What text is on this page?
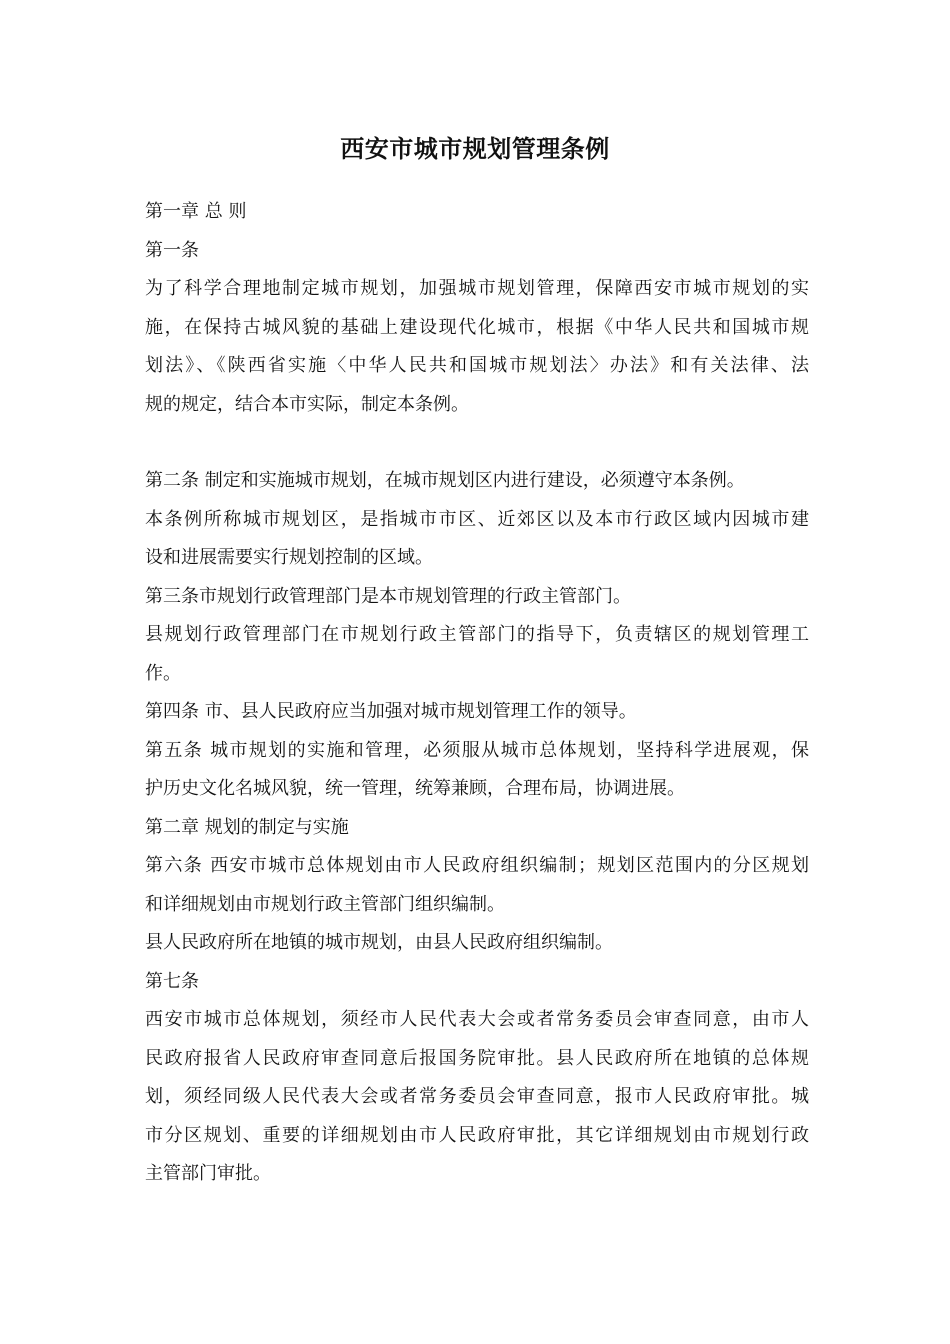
西安市城市规划管理条例
第一章 总 则
第一条
为了科学合理地制定城市规划，加强城市规划管理，保障西安市城市规划的实
施，在保持古城风貌的基础上建设现代化城市，根据《中华人民共和国城市规
划法》、《陕西省实施〈中华人民共和国城市规划法〉办法》和有关法律、法
规的规定，结合本市实际，制定本条例。
第二条 制定和实施城市规划，在城市规划区内进行建设，必须遵守本条例。
本条例所称城市规划区，是指城市市区、近郊区以及本市行政区域内因城市建
设和进展需要实行规划控制的区域。
第三条市规划行政管理部门是本市规划管理的行政主管部门。
县规划行政管理部门在市规划行政主管部门的指导下，负责辖区的规划管理工
作。
第四条 市、县人民政府应当加强对城市规划管理工作的领导。
第五条 城市规划的实施和管理，必须服从城市总体规划，坚持科学进展观，保
护历史文化名城风貌，统一管理，统筹兼顾，合理布局，协调进展。
第二章 规划的制定与实施
第六条 西安市城市总体规划由市人民政府组织编制；规划区范围内的分区规划
和详细规划由市规划行政主管部门组织编制。
县人民政府所在地镇的城市规划，由县人民政府组织编制。
第七条
西安市城市总体规划，须经市人民代表大会或者常务委员会审查同意，由市人
民政府报省人民政府审查同意后报国务院审批。县人民政府所在地镇的总体规
划，须经同级人民代表大会或者常务委员会审查同意，报市人民政府审批。城
市分区规划、重要的详细规划由市人民政府审批，其它详细规划由市规划行政
主管部门审批。
